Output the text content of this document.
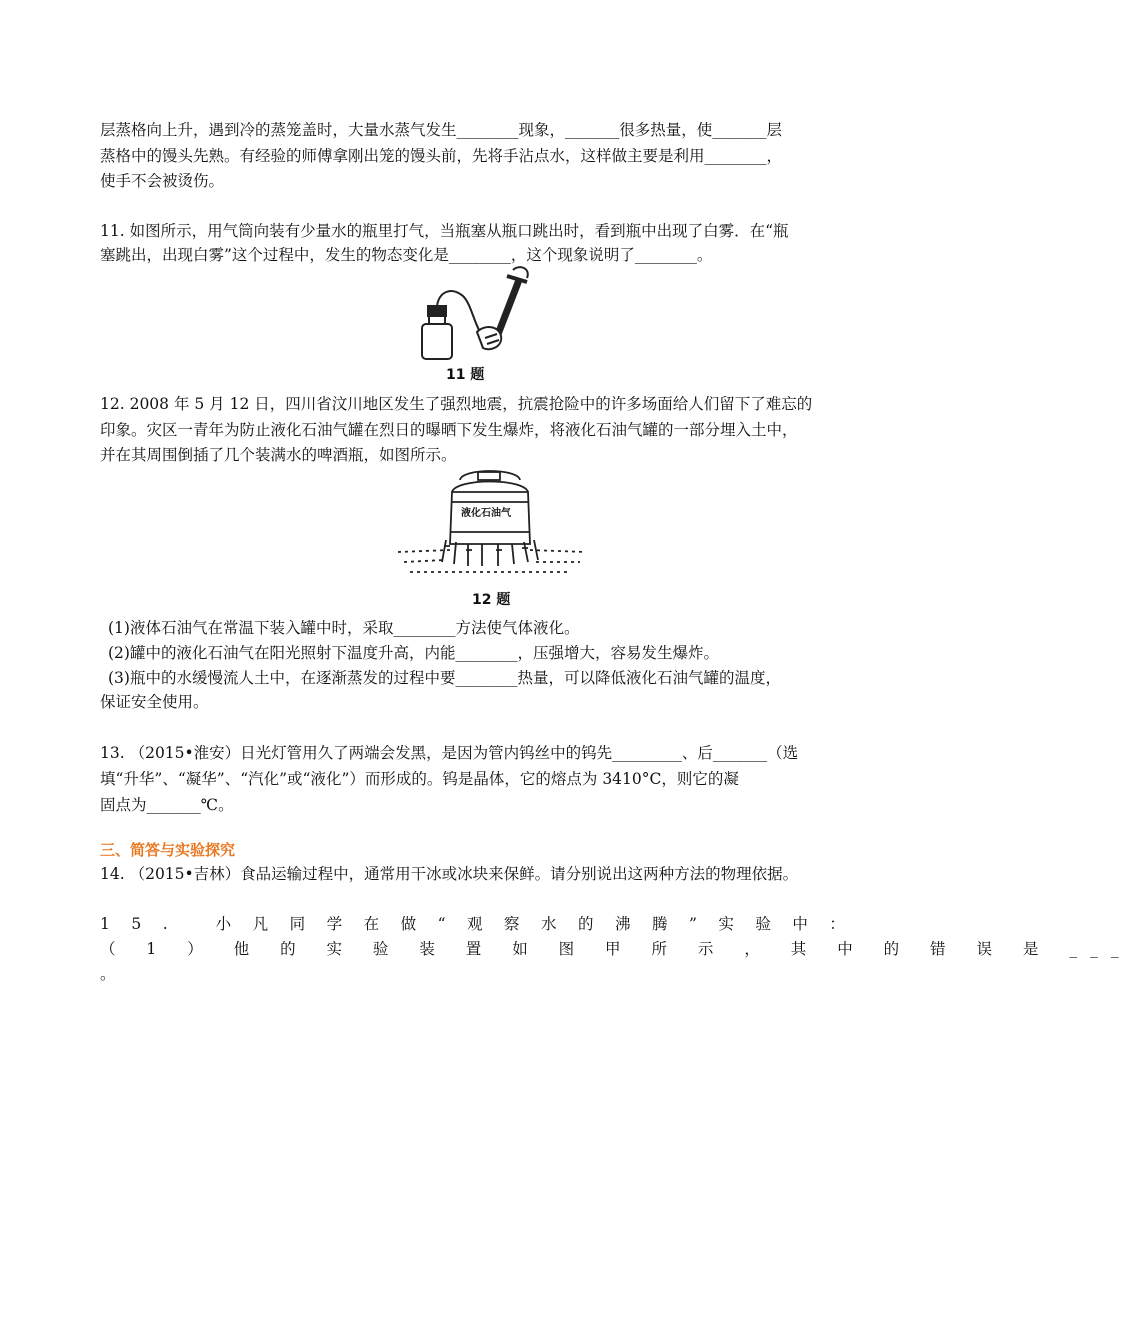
层蒸格向上升，遇到冷的蒸笼盖时，大量水蒸气发生________现象，_______很多热量，使_______层
蒸格中的馒头先熟。有经验的师傅拿刚出笼的馒头前，先将手沾点水，这样做主要是利用________，
使手不会被烫伤。
11. 如图所示，用气筒向装有少量水的瓶里打气，当瓶塞从瓶口跳出时，看到瓶中出现了白雾．在“瓶
塞跳出，出现白雾”这个过程中，发生的物态变化是________，这个现象说明了________。
11 题
12. 2008 年 5 月 12 日，四川省汶川地区发生了强烈地震，抗震抢险中的许多场面给人们留下了难忘的
印象。灾区一青年为防止液化石油气罐在烈日的曝晒下发生爆炸，将液化石油气罐的一部分埋入土中，
并在其周围倒插了几个装满水的啤酒瓶，如图所示。
液化石油气
12 题
(1)液体石油气在常温下装入罐中时，采取________方法使气体液化。
(2)罐中的液化石油气在阳光照射下温度升高，内能________，压强增大，容易发生爆炸。
(3)瓶中的水缓慢流人土中，在逐渐蒸发的过程中要________热量，可以降低液化石油气罐的温度，
保证安全使用。
13. （2015•淮安）日光灯管用久了两端会发黑，是因为管内钨丝中的钨先_________、后_______（选
填“升华”、“凝华”、“汽化”或“液化”）而形成的。钨是晶体，它的熔点为 3410°C，则它的凝
固点为_______℃。
三、简答与实验探究
14. （2015•吉林）食品运输过程中，通常用干冰或冰块来保鲜。请分别说出这两种方法的物理依据。
15. 小凡同学在做“观察水的沸腾”实验中：
（ 1 ） 他 的 实 验 装 置 如 图 甲 所 示 ， 其 中 的 错 误 是 ___
。
